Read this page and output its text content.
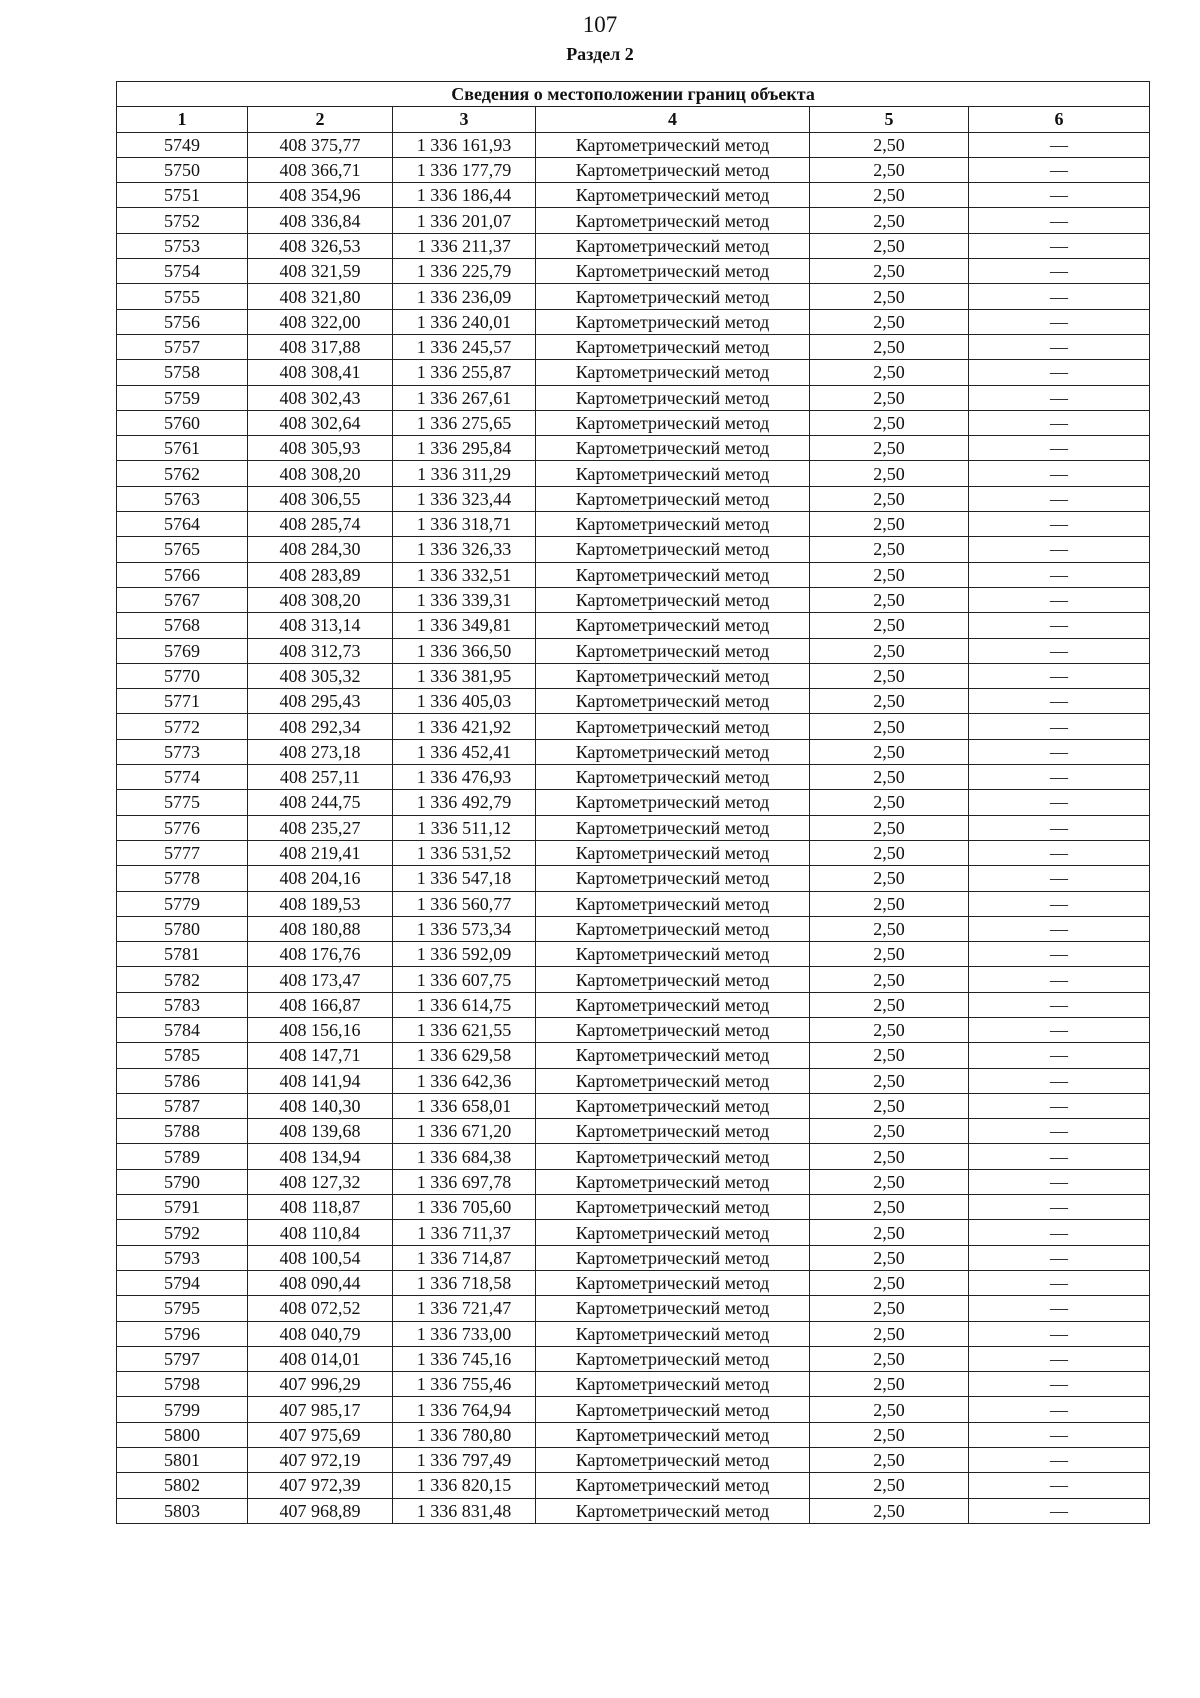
107
Раздел 2
Сведения о местоположении границ объекта					
1	2	3	4	5	6
5749	408 375,77	1 336 161,93	Картометрический метод	2,50	—
5750	408 366,71	1 336 177,79	Картометрический метод	2,50	—
5751	408 354,96	1 336 186,44	Картометрический метод	2,50	—
5752	408 336,84	1 336 201,07	Картометрический метод	2,50	—
5753	408 326,53	1 336 211,37	Картометрический метод	2,50	—
5754	408 321,59	1 336 225,79	Картометрический метод	2,50	—
5755	408 321,80	1 336 236,09	Картометрический метод	2,50	—
5756	408 322,00	1 336 240,01	Картометрический метод	2,50	—
5757	408 317,88	1 336 245,57	Картометрический метод	2,50	—
5758	408 308,41	1 336 255,87	Картометрический метод	2,50	—
5759	408 302,43	1 336 267,61	Картометрический метод	2,50	—
5760	408 302,64	1 336 275,65	Картометрический метод	2,50	—
5761	408 305,93	1 336 295,84	Картометрический метод	2,50	—
5762	408 308,20	1 336 311,29	Картометрический метод	2,50	—
5763	408 306,55	1 336 323,44	Картометрический метод	2,50	—
5764	408 285,74	1 336 318,71	Картометрический метод	2,50	—
5765	408 284,30	1 336 326,33	Картометрический метод	2,50	—
5766	408 283,89	1 336 332,51	Картометрический метод	2,50	—
5767	408 308,20	1 336 339,31	Картометрический метод	2,50	—
5768	408 313,14	1 336 349,81	Картометрический метод	2,50	—
5769	408 312,73	1 336 366,50	Картометрический метод	2,50	—
5770	408 305,32	1 336 381,95	Картометрический метод	2,50	—
5771	408 295,43	1 336 405,03	Картометрический метод	2,50	—
5772	408 292,34	1 336 421,92	Картометрический метод	2,50	—
5773	408 273,18	1 336 452,41	Картометрический метод	2,50	—
5774	408 257,11	1 336 476,93	Картометрический метод	2,50	—
5775	408 244,75	1 336 492,79	Картометрический метод	2,50	—
5776	408 235,27	1 336 511,12	Картометрический метод	2,50	—
5777	408 219,41	1 336 531,52	Картометрический метод	2,50	—
5778	408 204,16	1 336 547,18	Картометрический метод	2,50	—
5779	408 189,53	1 336 560,77	Картометрический метод	2,50	—
5780	408 180,88	1 336 573,34	Картометрический метод	2,50	—
5781	408 176,76	1 336 592,09	Картометрический метод	2,50	—
5782	408 173,47	1 336 607,75	Картометрический метод	2,50	—
5783	408 166,87	1 336 614,75	Картометрический метод	2,50	—
5784	408 156,16	1 336 621,55	Картометрический метод	2,50	—
5785	408 147,71	1 336 629,58	Картометрический метод	2,50	—
5786	408 141,94	1 336 642,36	Картометрический метод	2,50	—
5787	408 140,30	1 336 658,01	Картометрический метод	2,50	—
5788	408 139,68	1 336 671,20	Картометрический метод	2,50	—
5789	408 134,94	1 336 684,38	Картометрический метод	2,50	—
5790	408 127,32	1 336 697,78	Картометрический метод	2,50	—
5791	408 118,87	1 336 705,60	Картометрический метод	2,50	—
5792	408 110,84	1 336 711,37	Картометрический метод	2,50	—
5793	408 100,54	1 336 714,87	Картометрический метод	2,50	—
5794	408 090,44	1 336 718,58	Картометрический метод	2,50	—
5795	408 072,52	1 336 721,47	Картометрический метод	2,50	—
5796	408 040,79	1 336 733,00	Картометрический метод	2,50	—
5797	408 014,01	1 336 745,16	Картометрический метод	2,50	—
5798	407 996,29	1 336 755,46	Картометрический метод	2,50	—
5799	407 985,17	1 336 764,94	Картометрический метод	2,50	—
5800	407 975,69	1 336 780,80	Картометрический метод	2,50	—
5801	407 972,19	1 336 797,49	Картометрический метод	2,50	—
5802	407 972,39	1 336 820,15	Картометрический метод	2,50	—
5803	407 968,89	1 336 831,48	Картометрический метод	2,50	—
